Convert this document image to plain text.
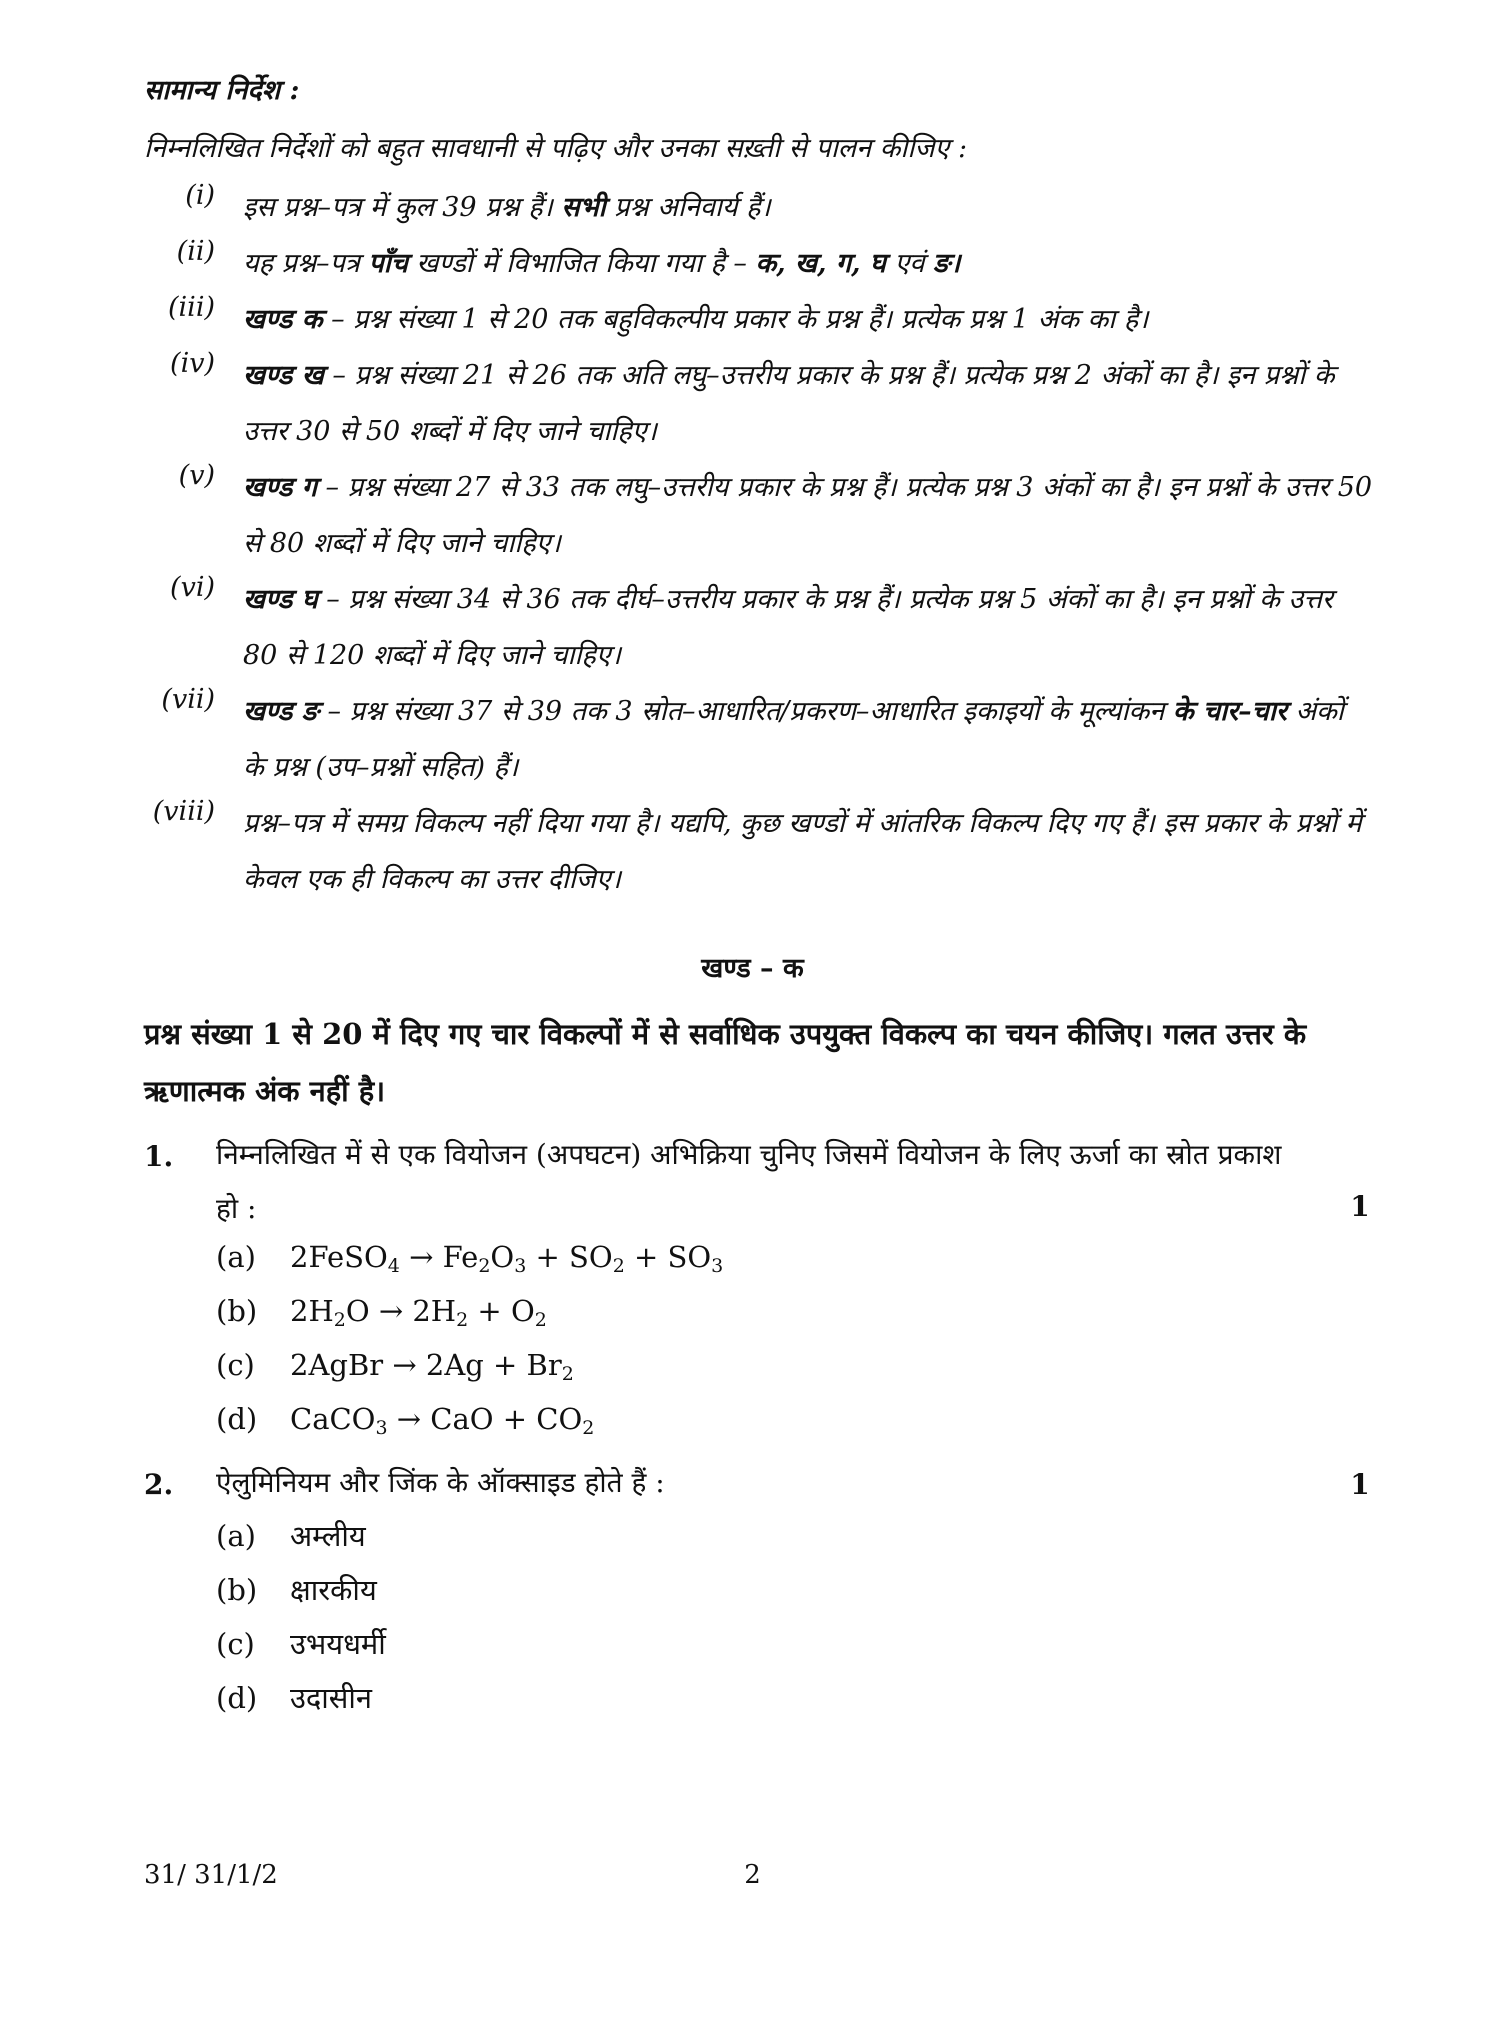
सामान्य निर्देश :
निम्नलिखित निर्देशों को बहुत सावधानी से पढ़िए और उनका सख़्ती से पालन कीजिए :
(i) इस प्रश्न–पत्र में कुल 39 प्रश्न हैं। सभी प्रश्न अनिवार्य हैं।
(ii) यह प्रश्न–पत्र पाँच खण्डों में विभाजित किया गया है – क, ख, ग, घ एवं ङ।
(iii) खण्ड क – प्रश्न संख्या 1 से 20 तक बहुविकल्पीय प्रकार के प्रश्न हैं। प्रत्येक प्रश्न 1 अंक का है।
(iv) खण्ड ख – प्रश्न संख्या 21 से 26 तक अति लघु–उत्तरीय प्रकार के प्रश्न हैं। प्रत्येक प्रश्न 2 अंकों का है। इन प्रश्नों के उत्तर 30 से 50 शब्दों में दिए जाने चाहिए।
(v) खण्ड ग – प्रश्न संख्या 27 से 33 तक लघु–उत्तरीय प्रकार के प्रश्न हैं। प्रत्येक प्रश्न 3 अंकों का है। इन प्रश्नों के उत्तर 50 से 80 शब्दों में दिए जाने चाहिए।
(vi) खण्ड घ – प्रश्न संख्या 34 से 36 तक दीर्घ–उत्तरीय प्रकार के प्रश्न हैं। प्रत्येक प्रश्न 5 अंकों का है। इन प्रश्नों के उत्तर 80 से 120 शब्दों में दिए जाने चाहिए।
(vii) खण्ड ङ – प्रश्न संख्या 37 से 39 तक 3 स्रोत–आधारित/प्रकरण–आधारित इकाइयों के मूल्यांकन के चार–चार अंकों के प्रश्न (उप–प्रश्नों सहित) हैं।
(viii) प्रश्न–पत्र में समग्र विकल्प नहीं दिया गया है। यद्यपि, कुछ खण्डों में आंतरिक विकल्प दिए गए हैं। इस प्रकार के प्रश्नों में केवल एक ही विकल्प का उत्तर दीजिए।
खण्ड – क
प्रश्न संख्या 1 से 20 में दिए गए चार विकल्पों में से सर्वाधिक उपयुक्त विकल्प का चयन कीजिए। गलत उत्तर के ऋणात्मक अंक नहीं है।
1. निम्नलिखित में से एक वियोजन (अपघटन) अभिक्रिया चुनिए जिसमें वियोजन के लिए ऊर्जा का स्रोत प्रकाश हो :	1
(a) 2FeSO$_4$ → $Fe_2O_3 + SO_2 + SO_3$
(b) $2H_2O \to 2H_2 + O_2$
(c) 2AgBr → $2Ag + Br_2$
(d) CaCO$_3$ → CaO + $CO_2$
2. ऐलुमिनियम और जिंक के ऑक्साइड होते हैं :	1
(a) अम्लीय
(b) क्षारकीय
(c) उभयधर्मी
(d) उदासीन
31/ 31/1/2	2
